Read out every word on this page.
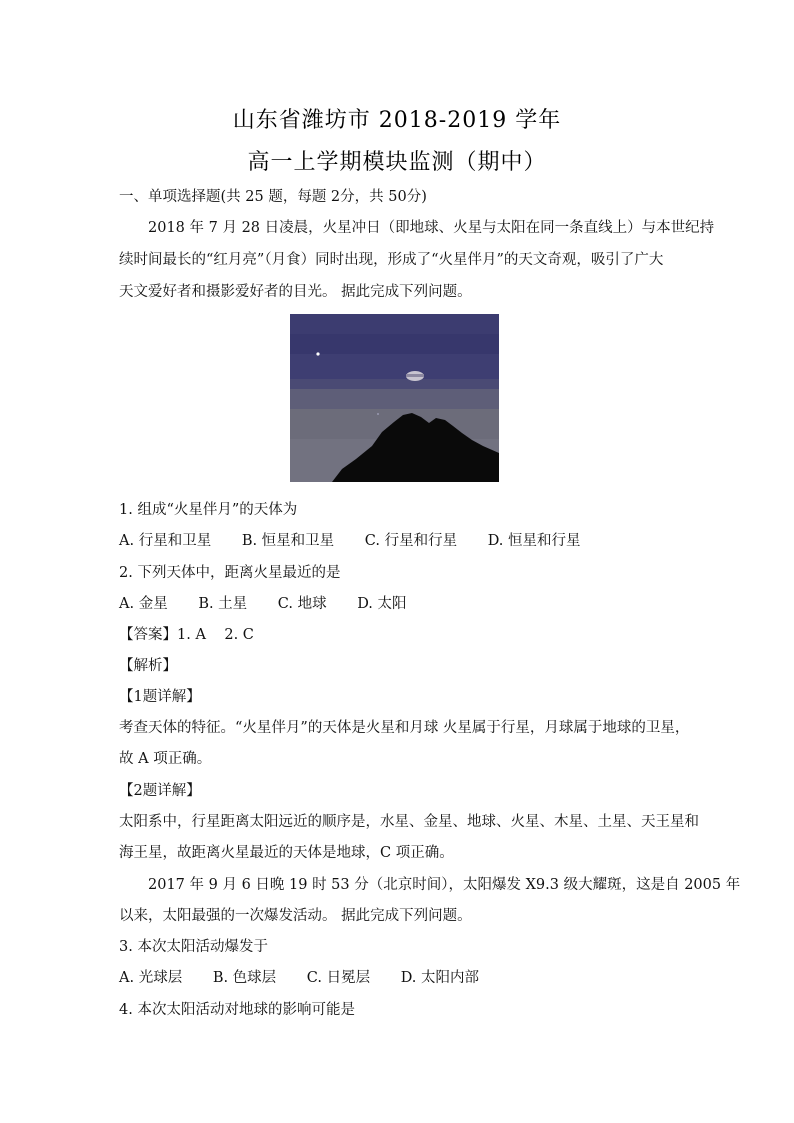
山东省潍坊市 2018-2019 学年
高一上学期模块监测（期中）
一、单项选择题(共 25 题，每题 2分，共 50分)
2018 年 7 月 28 日凌晨，火星冲日（即地球、火星与太阳在同一条直线上）与本世纪持
续时间最长的“红月亮”（月食）同时出现，形成了“火星伴月”的天文奇观，吸引了广大
天文爱好者和摄影爱好者的目光。 据此完成下列问题。
1. 组成“火星伴月”的天体为
A. 行星和卫星 B. 恒星和卫星 C. 行星和行星 D. 恒星和行星
2. 下列天体中，距离火星最近的是
A. 金星 B. 土星 C. 地球 D. 太阳
【答案】1. A    2. C
【解析】
【1题详解】
考查天体的特征。“火星伴月”的天体是火星和月球 火星属于行星，月球属于地球的卫星，
故 A 项正确。
【2题详解】
太阳系中，行星距离太阳远近的顺序是，水星、金星、地球、火星、木星、土星、天王星和
海王星，故距离火星最近的天体是地球，C 项正确。
2017 年 9 月 6 日晚 19 时 53 分（北京时间），太阳爆发 X9.3 级大耀斑，这是自 2005 年
以来，太阳最强的一次爆发活动。 据此完成下列问题。
3. 本次太阳活动爆发于
A. 光球层 B. 色球层 C. 日冕层 D. 太阳内部
4. 本次太阳活动对地球的影响可能是
